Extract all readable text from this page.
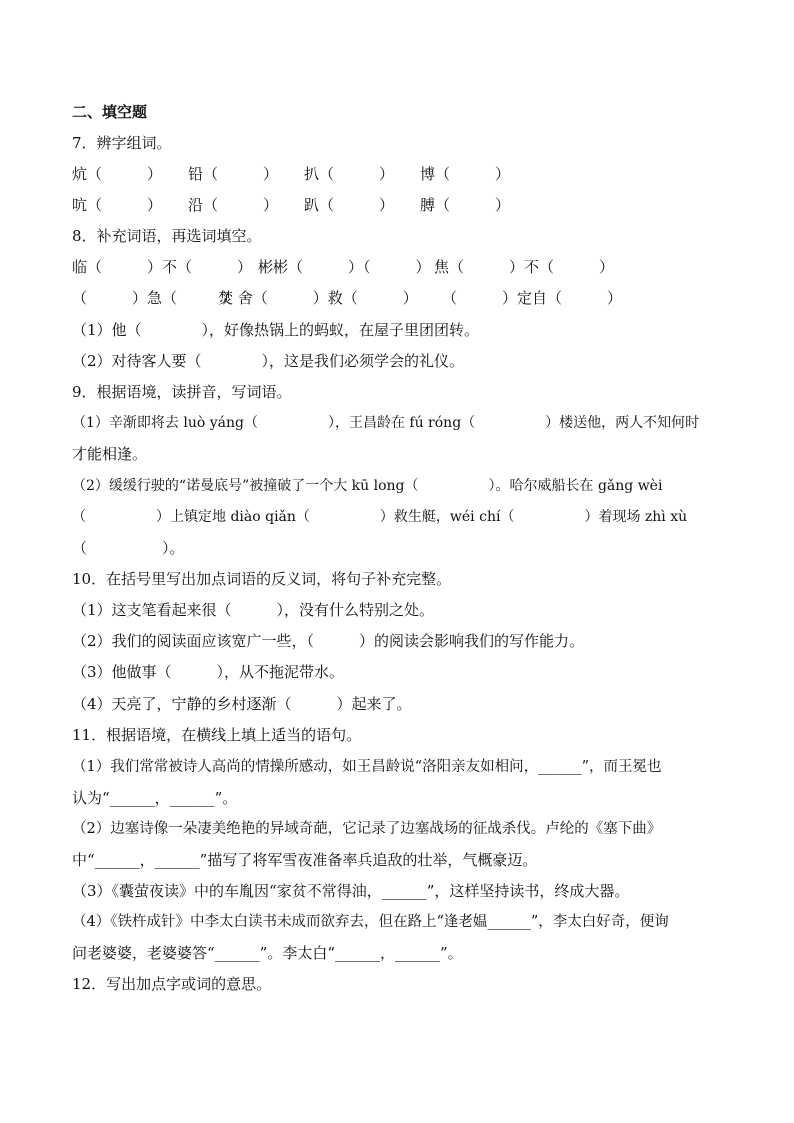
二、填空题
7．辨字组词。
炕（　　　） 铅（　　　） 扒（　　　） 博（　　　）
吭（　　　） 沿（　　　） 趴（　　　） 膊（　　　）
8．补充词语，再选词填空。
临（　　　）不（　　　） 彬彬（　　　）（　　　） 焦（　　　）不（　　　）
（　　　）急（　　　）
焚 舍（　　　）救（　　　） （　　　）定自（　　　）
（1）他（　　　　），好像热锅上的蚂蚁，在屋子里团团转。
（2）对待客人要（　　　　），这是我们必须学会的礼仪。
9．根据语境，读拼音，写词语。
（1）辛渐即将去 luò yáng（　　　　　），王昌龄在 fú róng（　　　　　）楼送他，两人不知何时
才能相逢。
（2）缓缓行驶的“诺曼底号”被撞破了一个大 kū long（　　　　　）。哈尔威船长在 gǎng wèi
（　　　　　）上镇定地 diào qiǎn（　　　　　）救生艇，wéi chí（　　　　　）着现场 zhì xù
（　　　　　）。
10．在括号里写出加点词语的反义词，将句子补充完整。
（1）这支笔看起来很（　　　），没有什么特别之处。
（2）我们的阅读面应该宽广一些，（　　　）的阅读会影响我们的写作能力。
（3）他做事（　　　），从不拖泥带水。
（4）天亮了，宁静的乡村逐渐（　　　）起来了。
11．根据语境，在横线上填上适当的语句。
（1）我们常常被诗人高尚的情操所感动，如王昌龄说“洛阳亲友如相问，______”，而王冕也
认为“______，______”。
（2）边塞诗像一朵凄美绝艳的异域奇葩，它记录了边塞战场的征战杀伐。卢纶的《塞下曲》
中“______，______”描写了将军雪夜准备率兵追敌的壮举，气概豪迈。
（3）《囊萤夜读》中的车胤因“家贫不常得油，______”，这样坚持读书，终成大器。
（4）《铁杵成针》中李太白读书未成而欲弃去，但在路上“逢老媪______”，李太白好奇，便询
问老婆婆，老婆婆答“______”。李太白“______，______”。
12．写出加点字或词的意思。
